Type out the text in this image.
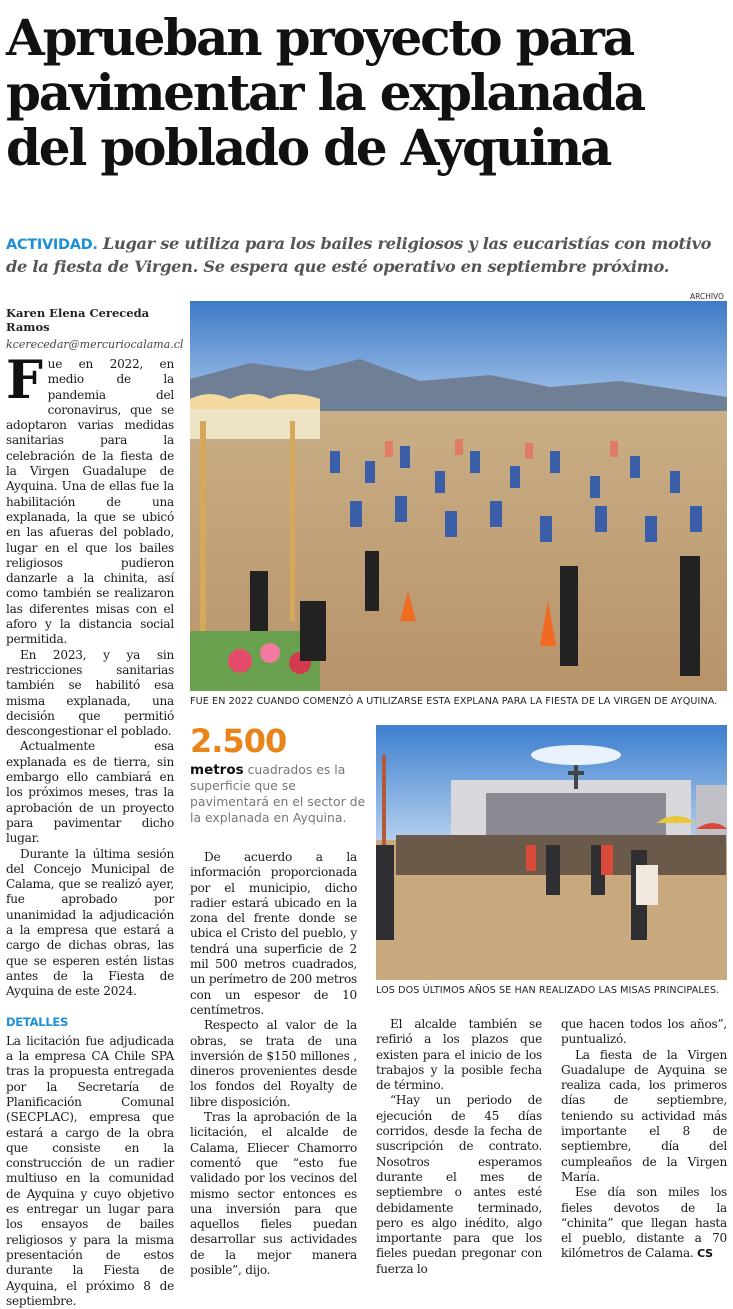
Aprueban proyecto para
pavimentar la explanada
del poblado de Ayquina
ACTIVIDAD. Lugar se utiliza para los bailes religiosos y las eucaristías con motivo de la fiesta de Virgen. Se espera que esté operativo en septiembre próximo.
Karen Elena Cereceda Ramos
kcerecedar@mercuriocalama.cl

Fue en 2022, en medio de la pandemia del coronavirus, que se adoptaron varias medidas sanitarias para la celebración de la fiesta de la Virgen Guadalupe de Ayquina. Una de ellas fue la habilitación de una explanada, la que se ubicó en las afueras del poblado, lugar en el que los bailes religiosos pudieron danzarle a la chinita, así como también se realizaron las diferentes misas con el aforo y la distancia social permitida.

En 2023, y ya sin restricciones sanitarias también se habilitó esa misma explanada, una decisión que permitió descongestionar el poblado.

Actualmente esa explanada es de tierra, sin embargo ello cambiará en los próximos meses, tras la aprobación de un proyecto para pavimentar dicho lugar.

Durante la última sesión del Concejo Municipal de Calama, que se realizó ayer, fue aprobado por unanimidad la adjudicación a la empresa que estará a cargo de dichas obras, las que se esperen estén listas antes de la Fiesta de Ayquina de este 2024.

DETALLES

La licitación fue adjudicada a la empresa CA Chile SPA tras la propuesta entregada por la Secretaría de Planificación Comunal (SECPLAC), empresa que estará a cargo de la obra que consiste en la construcción de un radier multiuso en la comunidad de Ayquina y cuyo objetivo es entregar un lugar para los ensayos de bailes religiosos y para la misma presentación de estos durante la Fiesta de Ayquina, el próximo 8 de septiembre.

ARCHIVO
FUE EN 2022 CUANDO COMENZÓ A UTILIZARSE ESTA EXPLANA PARA LA FIESTA DE LA VIRGEN DE AYQUINA.
2.500
metros cuadrados es la superficie que se pavimentará en el sector de la explanada en Ayquina.

De acuerdo a la información proporcionada por el municipio, dicho radier estará ubicado en la zona del frente donde se ubica el Cristo del pueblo, y tendrá una superficie de 2 mil 500 metros cuadrados, un perímetro de 200 metros con un espesor de 10 centímetros.

Respecto al valor de la obras, se trata de una inversión de $150 millones , dineros provenientes desde los fondos del Royalty de libre disposición.

Tras la aprobación de la licitación, el alcalde de Calama, Eliecer Chamorro comentó que “esto fue validado por los vecinos del mismo sector entonces es una inversión para que aquellos fieles puedan desarrollar sus actividades de la mejor manera posible”, dijo.

LOS DOS ÚLTIMOS AÑOS SE HAN REALIZADO LAS MISAS PRINCIPALES.

El alcalde también se refirió a los plazos que existen para el inicio de los trabajos y la posible fecha de término.

“Hay un periodo de ejecución de 45 días corridos, desde la fecha de suscripción de contrato. Nosotros esperamos durante el mes de septiembre o antes esté debidamente terminado, pero es algo inédito, algo importante para que los fieles puedan pregonar con fuerza lo

que hacen todos los años”, puntualizó.

La fiesta de la Virgen Guadalupe de Ayquina se realiza cada, los primeros días de septiembre, teniendo su actividad más importante el 8 de septiembre, día del cumpleaños de la Virgen María.

Ese día son miles los fieles devotos de la “chinita” que llegan hasta el pueblo, distante a 70 kilómetros de Calama. CS
